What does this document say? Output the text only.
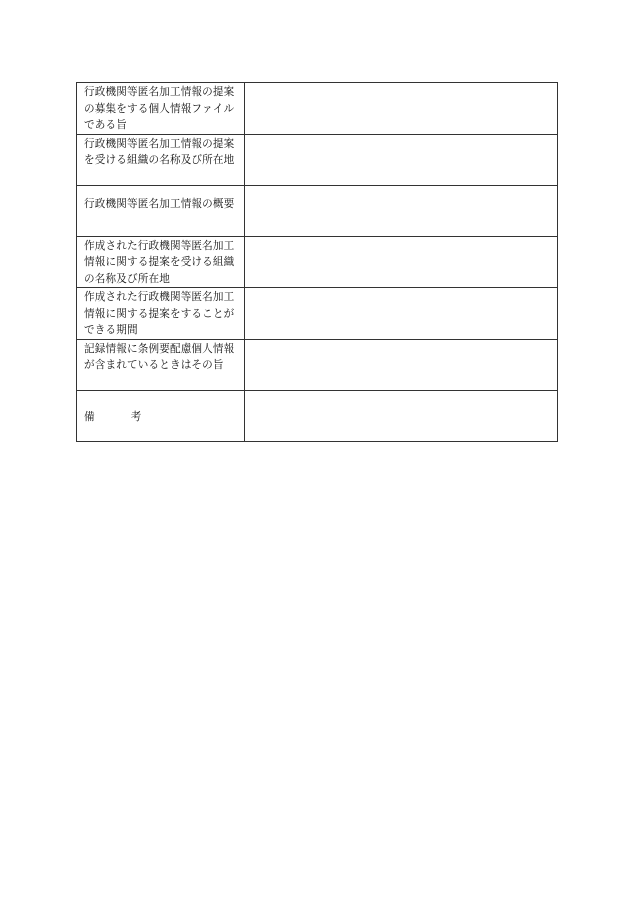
行政機関等匿名加工情報の提案の募集をする個人情報ファイルである旨	

行政機関等匿名加工情報の提案を受ける組織の名称及び所在地	

行政機関等匿名加工情報の概要	

作成された行政機関等匿名加工情報に関する提案を受ける組織の名称及び所在地	

作成された行政機関等匿名加工情報に関する提案をすることができる期間	

記録情報に条例要配慮個人情報が含まれているときはその旨	

備 考	
